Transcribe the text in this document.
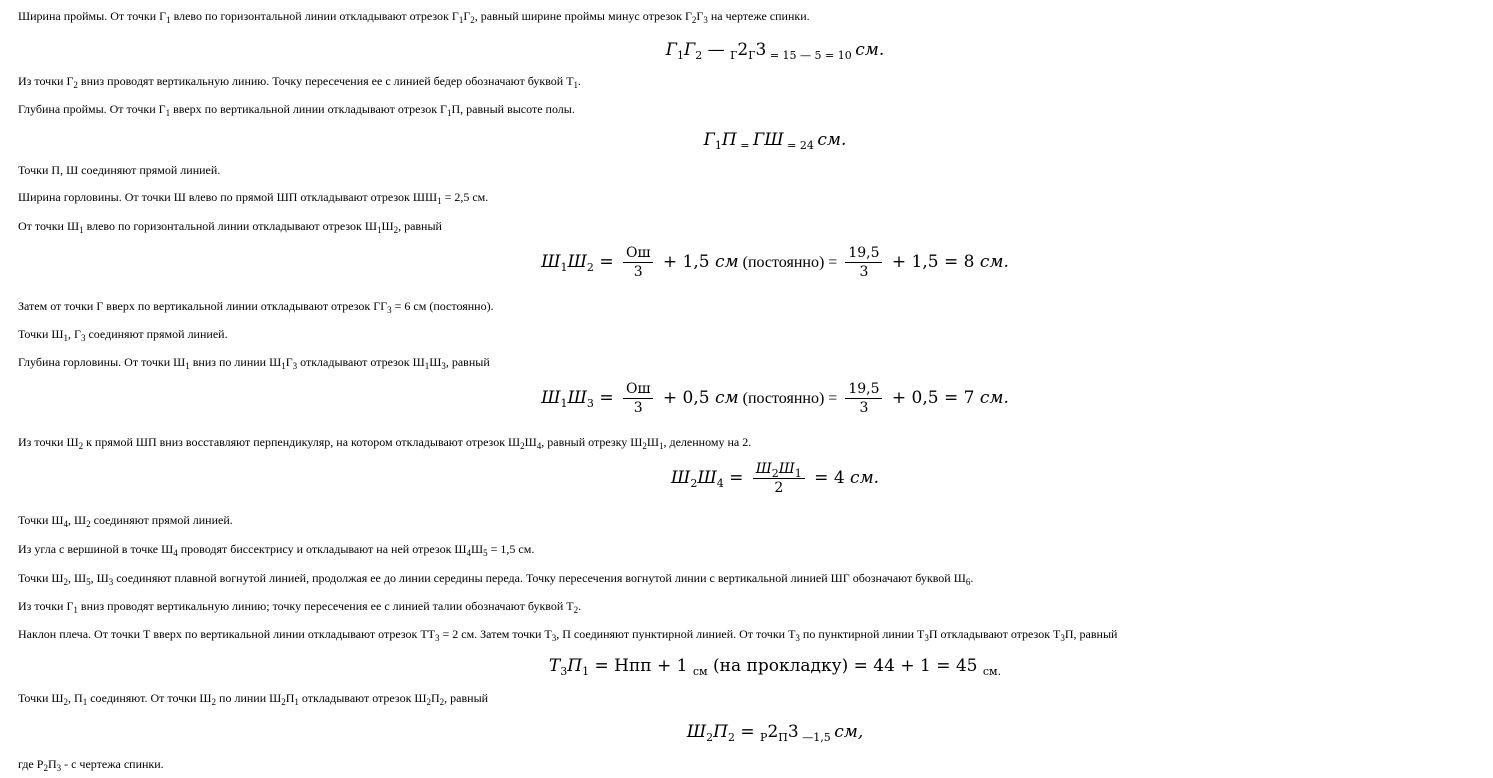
Ширина проймы. От точки $Г_1$ влево по горизонтальной линии откладывают отрезок $Г_1Г_2$, равный ширине проймы минус отрезок $Г_2Г_3$ на чертеже спинки.
$Г_1Г_2$ — $_Г2_Г3$ $_{= 15 — 5 = 10}$ см.
Из точки $Г_2$ вниз проводят вертикальную линию. Точку пересечения ее с линией бедер обозначают буквой $Т_1$.
Глубина проймы. От точки $Г_1$ вверх по вертикальной линии откладывают отрезок $Г_1П$, равный высоте полы.
$Г_1П$ $_=$ ГШ $_{= 24}$ см.
Точки П, Ш соединяют прямой линией.
Ширина горловины. От точки Ш влево по прямой ШП откладывают отрезок $ШШ_1 = 2,5$ см.
От точки $Ш_1$ влево по горизонтальной линии откладывают отрезок $Ш_1Ш_2$, равный
$Ш_1Ш_2 = \frac{Ош}{3} + 1,5$ см (постоянно) = $\frac{19,5}{3} + 1,5 = 8$ см.
Затем от точки Г вверх по вертикальной линии откладывают отрезок $ГГ_3 = 6$ см (постоянно).
Точки $Ш_1$, $Г_3$ соединяют прямой линией.
Глубина горловины. От точки $Ш_1$ вниз по линии $Ш_1Г_3$ откладывают отрезок $Ш_1Ш_3$, равный
$Ш_1Ш_3 = \frac{Ош}{3} + 0,5$ см (постоянно) = $\frac{19,5}{3} + 0,5 = 7$ см.
Из точки $Ш_2$ к прямой ШП вниз восставляют перпендикуляр, на котором откладывают отрезок $Ш_2Ш_4$, равный отрезку $Ш_2Ш_1$, деленному на 2.
$Ш_2Ш_4 = \frac{Ш_2Ш_1}{2} = 4$ см.
Точки $Ш_4$, $Ш_2$ соединяют прямой линией.
Из угла с вершиной в точке $Ш_4$ проводят биссектрису и откладывают на ней отрезок $Ш_4Ш_5 = 1,5$ см.
Точки $Ш_2$, $Ш_5$, $Ш_3$ соединяют плавной вогнутой линией, продолжая ее до линии середины переда. Точку пересечения вогнутой линии с вертикальной линией ШГ обозначают буквой $Ш_6$.
Из точки $Г_1$ вниз проводят вертикальную линию; точку пересечения ее с линией талии обозначают буквой $Т_2$.
Наклон плеча. От точки Т вверх по вертикальной линии откладывают отрезок $ТТ_3 = 2$ см. Затем точки $Т_3$, П соединяют пунктирной линией. От точки $Т_3$ по пунктирной линии $Т_3П$ откладывают отрезок $Т_3П$, равный
$Т_3П_1$ = Нпп + 1 $_{см}$ (на прокладку) = 44 + 1 = 45 $_{см.}$
Точки $Ш_2$, $П_1$ соединяют. От точки $Ш_2$ по линии $Ш_2П_1$ откладывают отрезок $Ш_2П_2$, равный
$Ш_2П_2 = _Р2_П3$ $_{—1,5}$ см,
где $Р_2П_3$ - с чертежа спинки.
